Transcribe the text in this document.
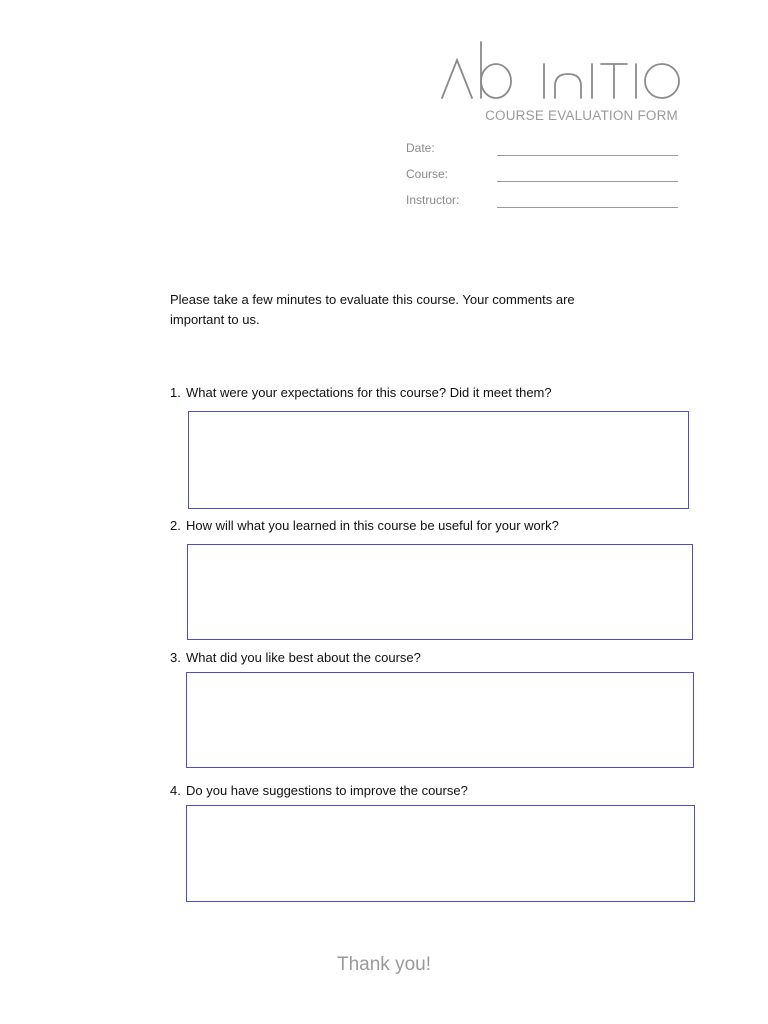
COURSE EVALUATION FORM
Date:
Course:
Instructor:
Please take a few minutes to evaluate this course. Your comments are important to us.
1. What were your expectations for this course? Did it meet them?
2. How will what you learned in this course be useful for your work?
3. What did you like best about the course?
4. Do you have suggestions to improve the course?
Thank you!
